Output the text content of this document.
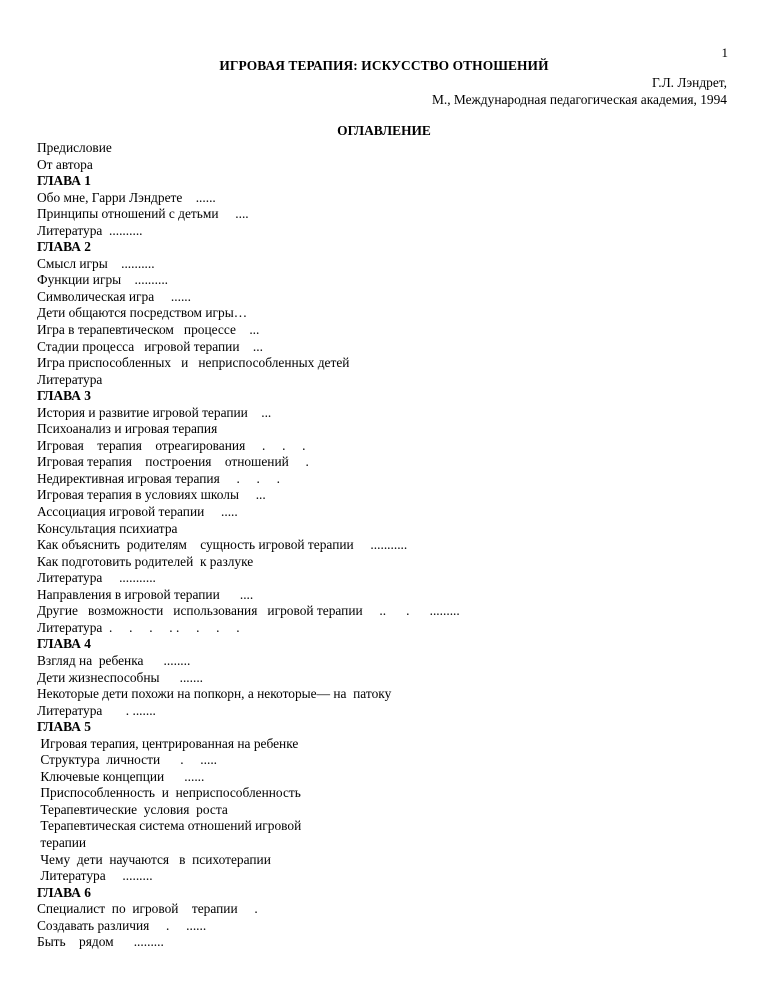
1
ИГРОВАЯ ТЕРАПИЯ: ИСКУССТВО ОТНОШЕНИЙ
Г.Л. Лэндрет,
М., Международная педагогическая академия, 1994
ОГЛАВЛЕНИЕ
Предисловие
От автора
ГЛАВА 1
Обо мне, Гарри Лэндрете    ......
Принципы отношений с детьми     ....
Литература  ..........
ГЛАВА 2
Смысл игры    ..........
Функции игры    ..........
Символическая игра     ......
Дети общаются посредством игры…
Игра в терапевтическом   процессе    ...
Стадии процесса   игровой терапии    ...
Игра приспособленных   и   неприспособленных детей
Литература
ГЛАВА 3
История и развитие игровой терапии    ...
Психоанализ и игровая терапия
Игровая    терапия    отреагирования     .     .     .
Игровая терапия    построения    отношений     .
Недирективная игровая терапия     .     .     .
Игровая терапия в условиях школы     ...
Ассоциация игровой терапии     .....
Консультация психиатра
Как объяснить  родителям    сущность игровой терапии     ...........
Как подготовить родителей  к разлуке
Литература     ...........
Направления в игровой терапии      ....
Другие   возможности   использования   игровой терапии     ..      .      .........
Литература  .     .     .     . .     .     .     .
ГЛАВА 4
Взгляд на  ребенка      ........
Дети жизнеспособны      .......
Некоторые дети похожи на попкорн, а некоторые— на  патоку
Литература       . .......
ГЛАВА 5
Игровая терапия, центрированная на ребенке
Структура  личности      .     .....
Ключевые концепции      ......
Приспособленность  и  неприспособленность
Терапевтические  условия  роста
Терапевтическая система отношений игровой
терапии
Чему  дети  научаются   в  психотерапии
Литература     .........
ГЛАВА 6
Специалист  по  игровой    терапии     .
Создавать различия     .     ......
Быть    рядом      .........
